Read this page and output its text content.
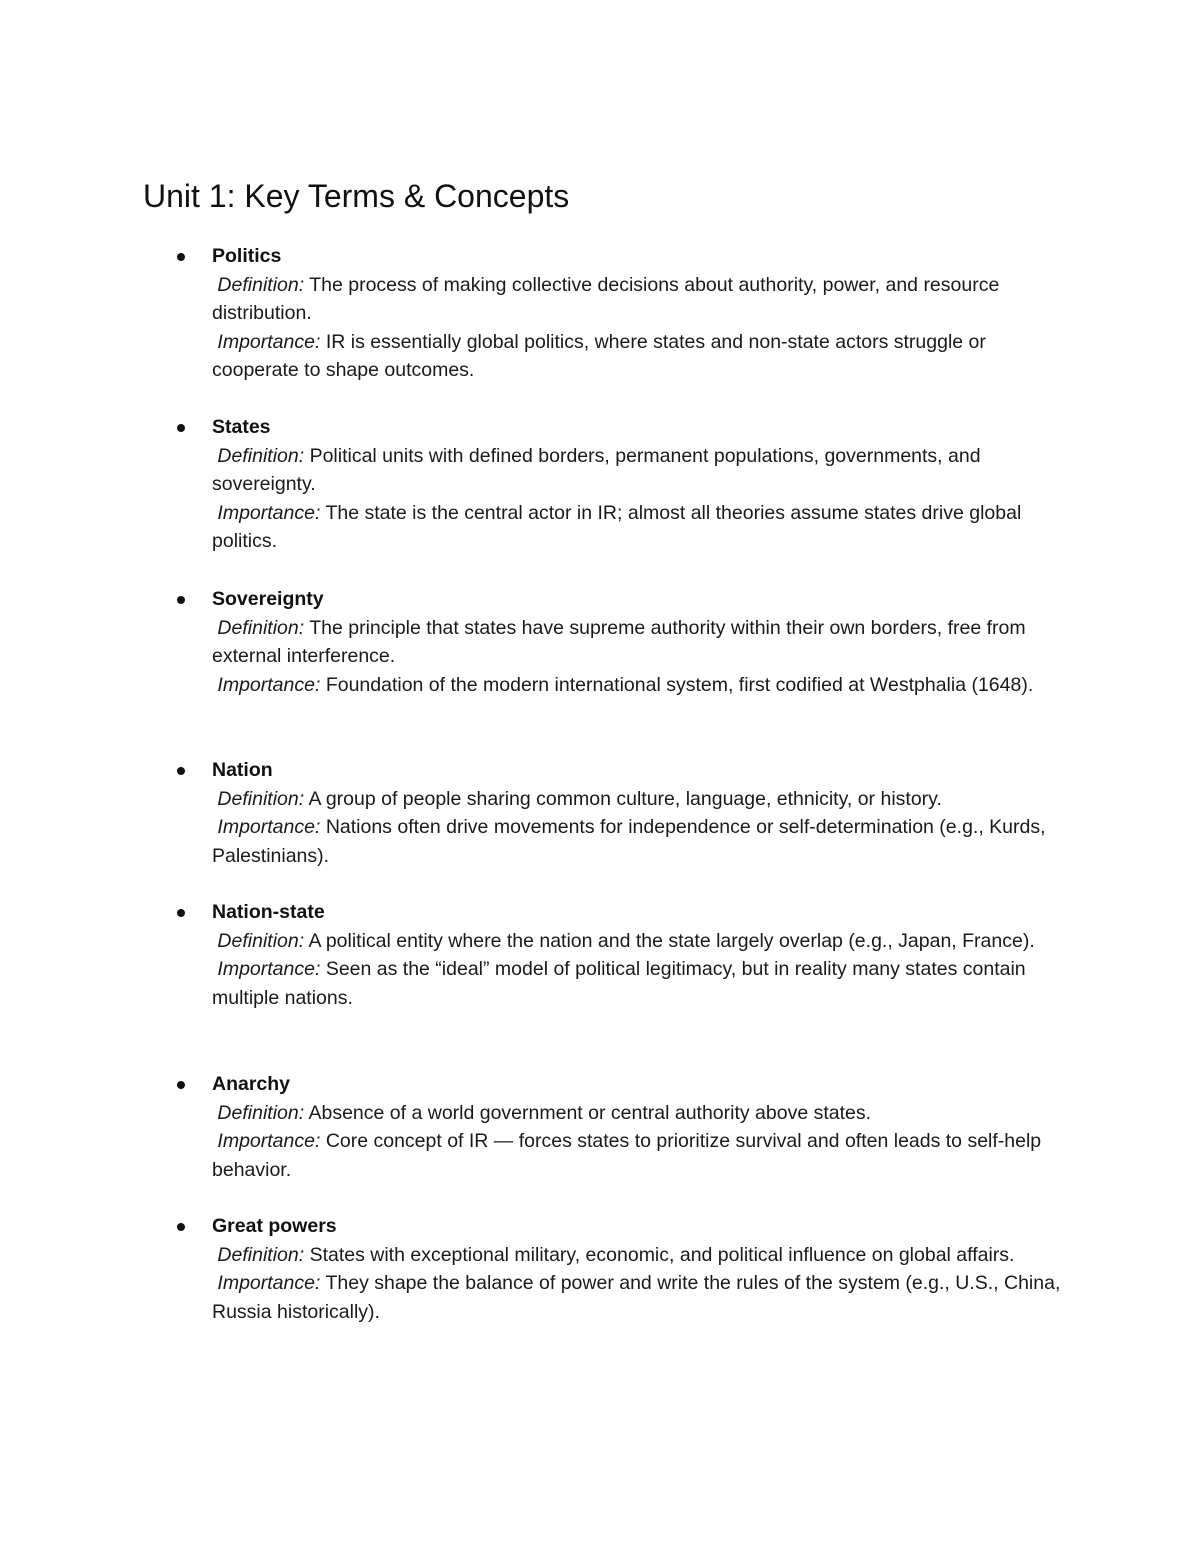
Unit 1: Key Terms & Concepts
Politics

Definition: The process of making collective decisions about authority, power, and resource distribution.

Importance: IR is essentially global politics, where states and non-state actors struggle or cooperate to shape outcomes.

States

Definition: Political units with defined borders, permanent populations, governments, and sovereignty.

Importance: The state is the central actor in IR; almost all theories assume states drive global politics.

Sovereignty

Definition: The principle that states have supreme authority within their own borders, free from external interference.

Importance: Foundation of the modern international system, first codified at Westphalia (1648).

Nation

Definition: A group of people sharing common culture, language, ethnicity, or history.

Importance: Nations often drive movements for independence or self-determination (e.g., Kurds, Palestinians).

Nation-state

Definition: A political entity where the nation and the state largely overlap (e.g., Japan, France).

Importance: Seen as the “ideal” model of political legitimacy, but in reality many states contain multiple nations.

Anarchy

Definition: Absence of a world government or central authority above states.

Importance: Core concept of IR — forces states to prioritize survival and often leads to self-help behavior.

Great powers

Definition: States with exceptional military, economic, and political influence on global affairs.

Importance: They shape the balance of power and write the rules of the system (e.g., U.S., China, Russia historically).
